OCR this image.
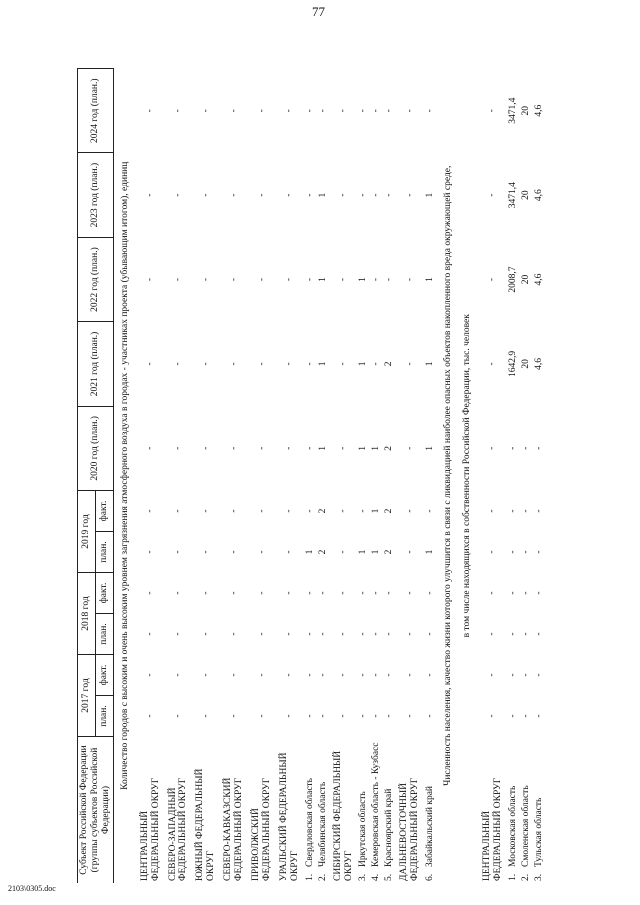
77
Субъект Российской Федерации (группы субъектов Российской Федерации)	2017 год		2018 год		2019 год		2020 год (план.)	2021 год (план.)	2022 год (план.)	2023 год (план.)	2024 год (план.)
	план.	факт.	план.	факт.	план.	факт.					
Количество городов с высоким и очень высоким уровнем загрязнения атмосферного воздуха в городах - участниках проекта (убывающим итогом), единиц											
ЦЕНТРАЛЬНЫЙ ФЕДЕРАЛЬНЫЙ ОКРУГ	-	-	-	-	-	-	-	-	-	-	-
СЕВЕРО-ЗАПАДНЫЙ ФЕДЕРАЛЬНЫЙ ОКРУГ	-	-	-	-	-	-	-	-	-	-	-
ЮЖНЫЙ ФЕДЕРАЛЬНЫЙ ОКРУГ	-	-	-	-	-	-	-	-	-	-	-
СЕВЕРО-КАВКАЗСКИЙ ФЕДЕРАЛЬНЫЙ ОКРУГ	-	-	-	-	-	-	-	-	-	-	-
ПРИВОЛЖСКИЙ ФЕДЕРАЛЬНЫЙ ОКРУГ	-	-	-	-	-	-	-	-	-	-	-
УРАЛЬСКИЙ ФЕДЕРАЛЬНЫЙ ОКРУГ	-	-	-	-	-	-	-	-	-	-	-
1.Свердловская область	-	-	-	-	1	-	-	-	-	-	-
2.Челябинская область	-	-	-	-	2	2	1	1	1	1	-
СИБИРСКИЙ ФЕДЕРАЛЬНЫЙ ОКРУГ	-	-	-	-	-	-	-	-	-	-	-
3.Иркутская область	-	-	-	-	1	-	1	1	1	-	-
4.Кемеровская область - Кузбасс	-	-	-	-	1	1	1	-	-	-	-
5.Красноярский край	-	-	-	-	2	2	2	2	-	-	-
ДАЛЬНЕВОСТОЧНЫЙ ФЕДЕРАЛЬНЫЙ ОКРУГ	-	-	-	-	-	-	-	-	-	-	-
6.Забайкальский край	-	-	-	-	1	-	1	1	1	1	-
Численность населения, качество жизни которого улучшится в связи с ликвидацией наиболее опасных объектов накопленного вреда окружающей среде,											
в том числе находящихся в собственности Российской Федерации, тыс. человек											
ЦЕНТРАЛЬНЫЙ ФЕДЕРАЛЬНЫЙ ОКРУГ	-	-	-	-	-	-	-	-	-	-	-
1.Московская область	-	-	-	-	-	-	-	1642,9	2008,7	3471,4	3471,4
2.Смоленская область	-	-	-	-	-	-	-	20	20	20	20
3.Тульская область	-	-	-	-	-	-	-	4,6	4,6	4,6	4,6
2103\0305.doc
